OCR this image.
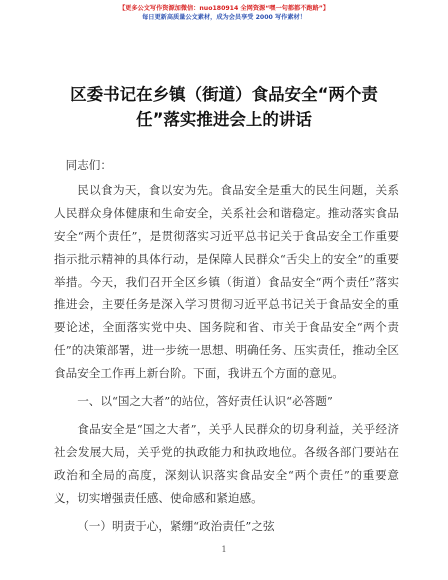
【更多公文写作资源加微信：nuo180914 全网资源“嘿一句都都不跑路”】
每日更新高质量公文素材，成为会员享受 2000 写作素材！
区委书记在乡镇（街道）食品安全“两个责
任”落实推进会上的讲话

同志们：

民以食为天，食以安为先。食品安全是重大的民生问题，关系人民群众身体健康和生命安全，关系社会和谐稳定。推动落实食品安全“两个责任”，是贯彻落实习近平总书记关于食品安全工作重要指示批示精神的具体行动，是保障人民群众“舌尖上的安全”的重要举措。今天，我们召开全区乡镇（街道）食品安全“两个责任”落实推进会，主要任务是深入学习贯彻习近平总书记关于食品安全的重要论述，全面落实党中央、国务院和省、市关于食品安全“两个责任”的决策部署，进一步统一思想、明确任务、压实责任，推动全区食品安全工作再上新台阶。下面，我讲五个方面的意见。

一、以“国之大者”的站位，答好责任认识“必答题”

食品安全是“国之大者”，关乎人民群众的切身利益，关乎经济社会发展大局，关乎党的执政能力和执政地位。各级各部门要站在政治和全局的高度，深刻认识落实食品安全“两个责任”的重要意义，切实增强责任感、使命感和紧迫感。

（一）明责于心，紧绷“政治责任”之弦

1
